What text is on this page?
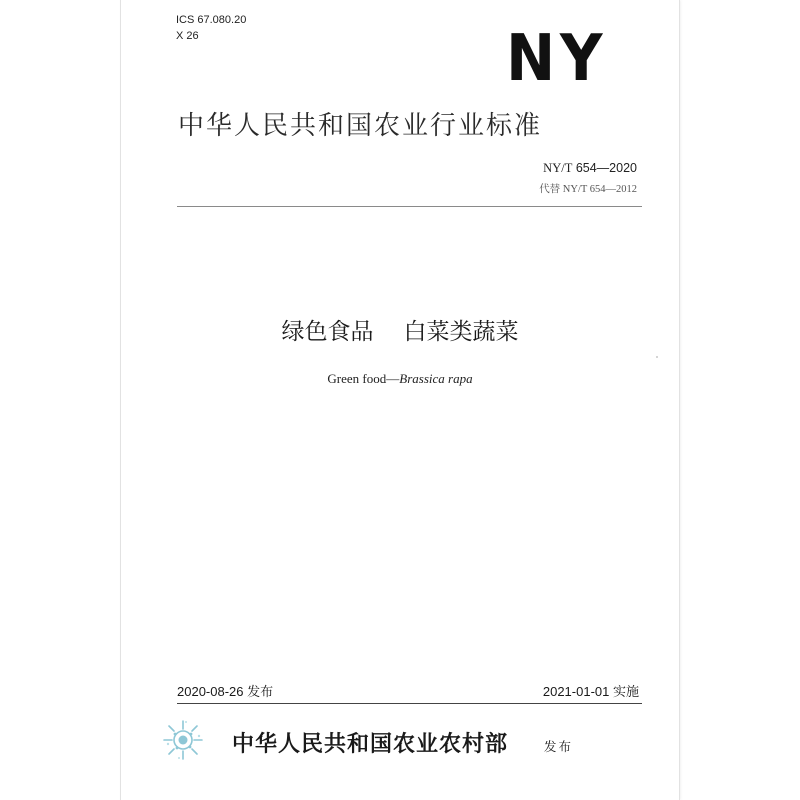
ICS 67.080.20
X 26	NY
中华人民共和国农业行业标准
NY/T 654—2020
代替 NY/T 654—2012
绿色食品 白菜类蔬菜
Green food—Brassica rapa
2020-08-26 发布	2021-01-01 实施
中华人民共和国农业农村部	发布
